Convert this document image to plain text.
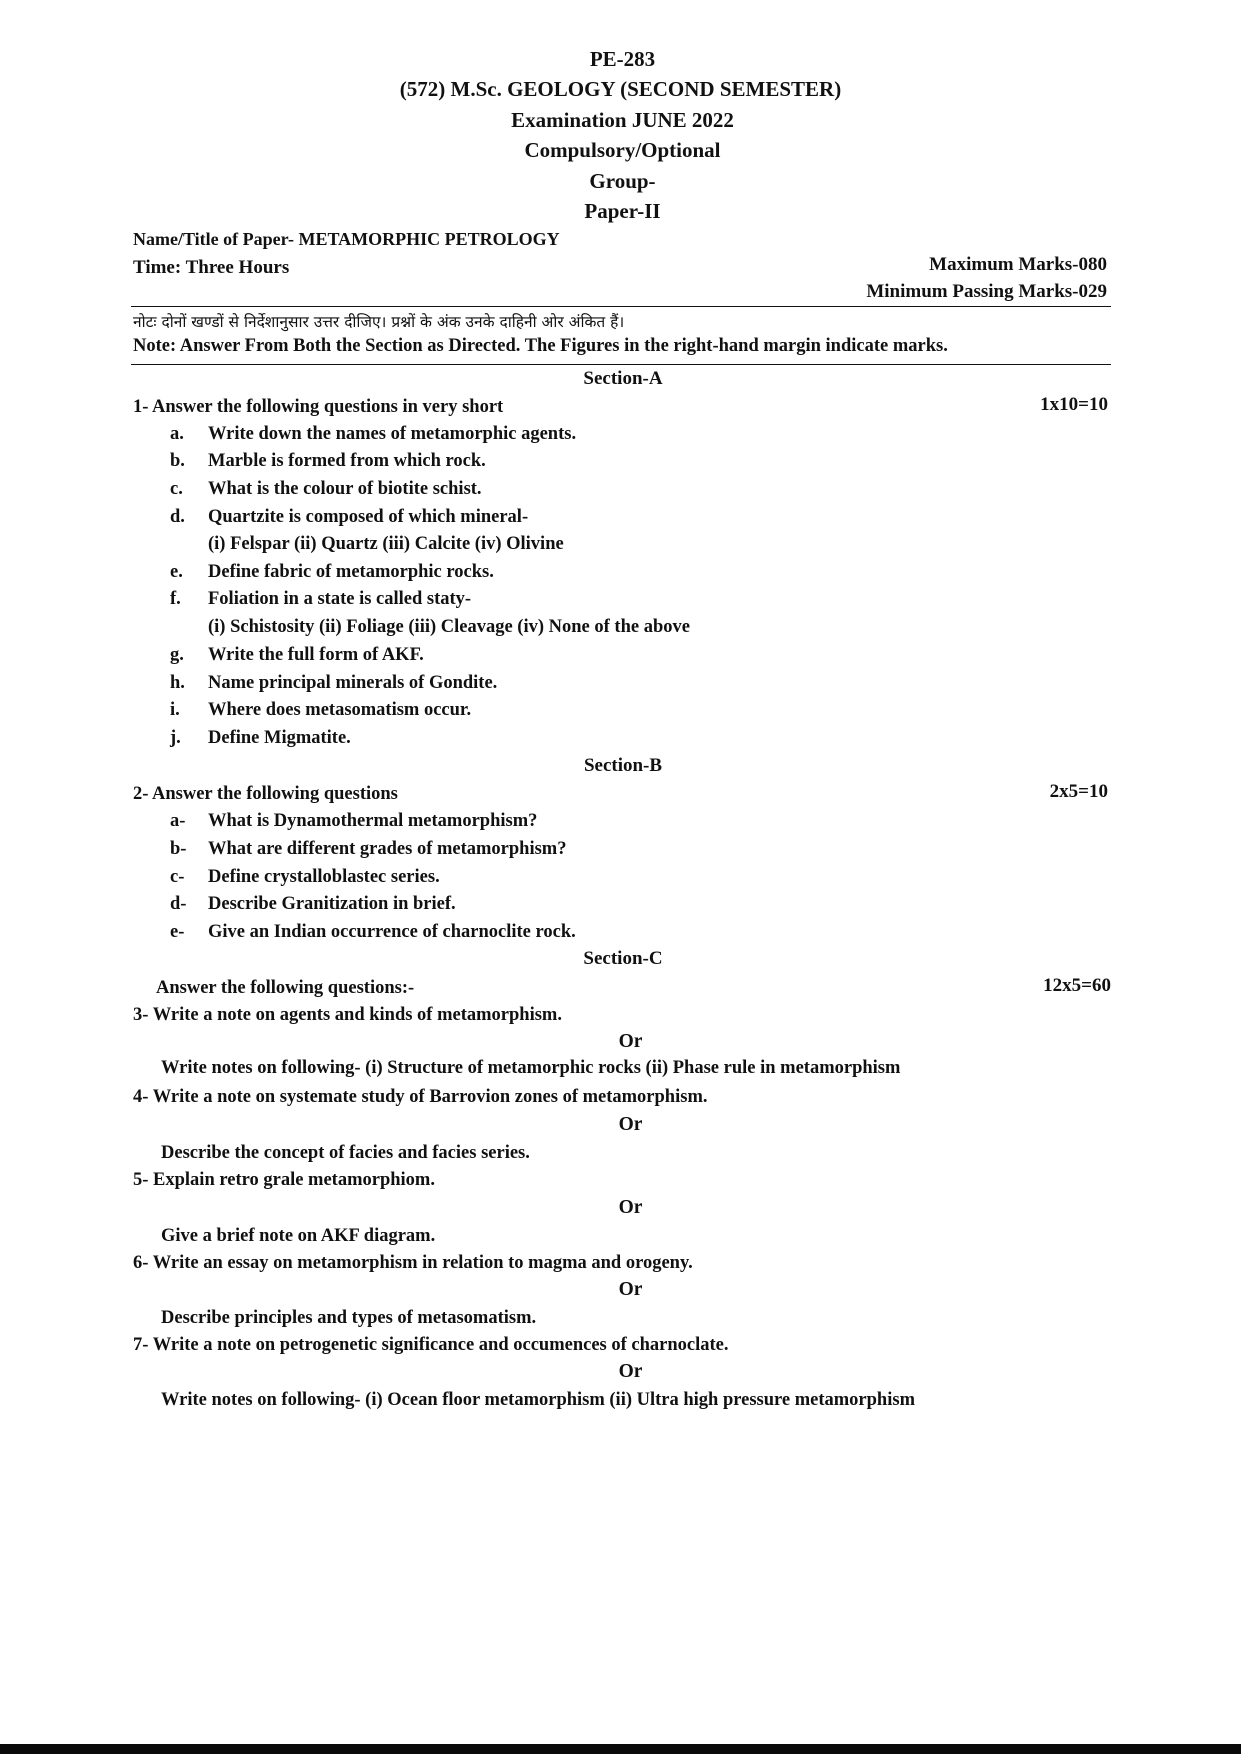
PE-283
(572) M.Sc. GEOLOGY (SECOND SEMESTER)
Examination JUNE 2022
Compulsory/Optional
Group-
Paper-II
Name/Title of Paper- METAMORPHIC PETROLOGY
Time: Three Hours	Maximum Marks-080
Minimum Passing Marks-029
नोटः दोनों खण्डों से निर्देशानुसार उत्तर दीजिए। प्रश्नों के अंक उनके दाहिनी ओर अंकित हैं।
Note: Answer From Both the Section as Directed. The Figures in the right-hand margin indicate marks.
Section-A
1- Answer the following questions in very short	1x10=10
a. Write down the names of metamorphic agents.
b. Marble is formed from which rock.
c. What is the colour of biotite schist.
d. Quartzite is composed of which mineral-
(i) Felspar (ii) Quartz (iii) Calcite (iv) Olivine
e. Define fabric of metamorphic rocks.
f. Foliation in a state is called staty-
(i) Schistosity (ii) Foliage (iii) Cleavage (iv) None of the above
g. Write the full form of AKF.
h. Name principal minerals of Gondite.
i. Where does metasomatism occur.
j. Define Migmatite.
Section-B
2- Answer the following questions	2x5=10
a- What is Dynamothermal metamorphism?
b- What are different grades of metamorphism?
c- Define crystalloblastec series.
d- Describe Granitization in brief.
e- Give an Indian occurrence of charnoclite rock.
Section-C
Answer the following questions:-	12x5=60
3- Write a note on agents and kinds of metamorphism.
Or
Write notes on following- (i) Structure of metamorphic rocks (ii) Phase rule in metamorphism
4- Write a note on systemate study of Barrovion zones of metamorphism.
Or
Describe the concept of facies and facies series.
5- Explain retro grale metamorphiom.
Or
Give a brief note on AKF diagram.
6- Write an essay on metamorphism in relation to magma and orogeny.
Or
Describe principles and types of metasomatism.
7- Write a note on petrogenetic significance and occumences of charnoclate.
Or
Write notes on following- (i) Ocean floor metamorphism (ii) Ultra high pressure metamorphism
